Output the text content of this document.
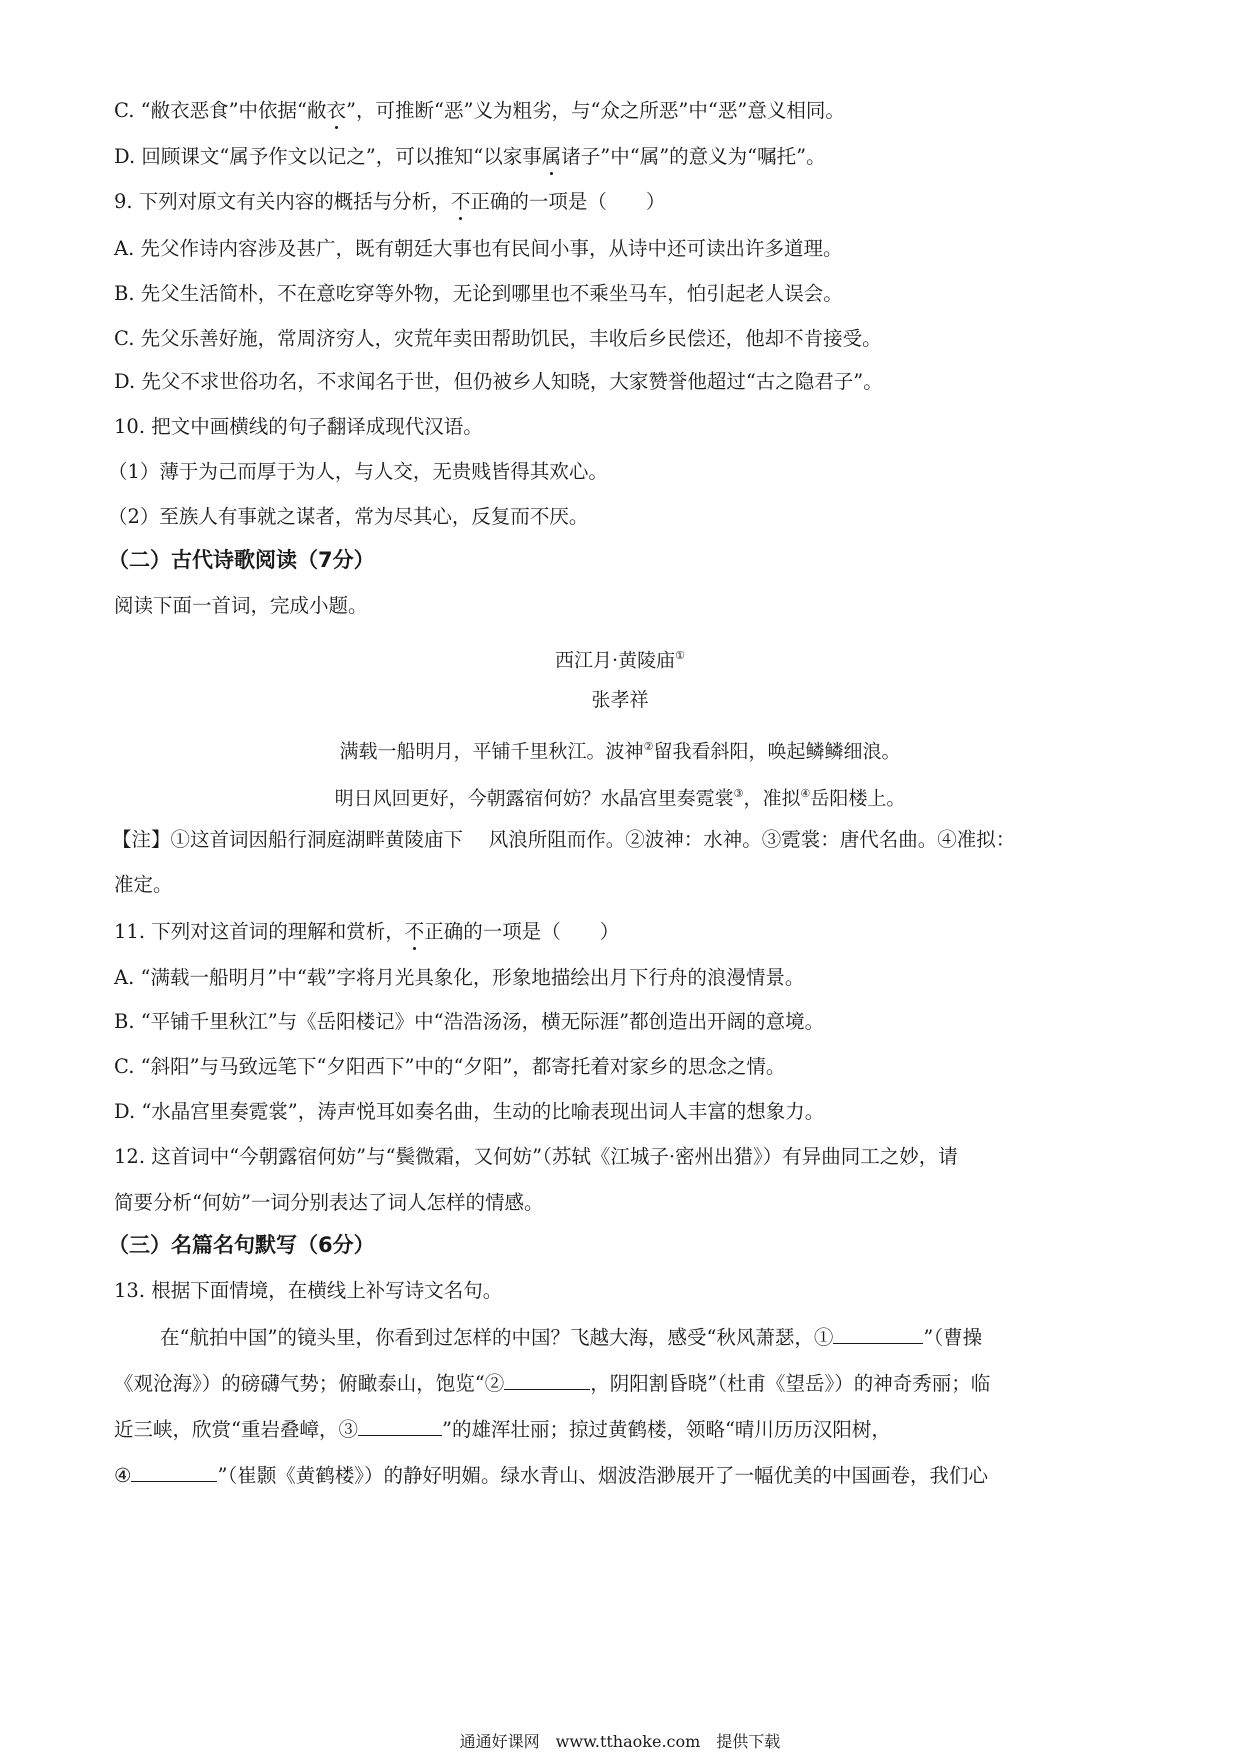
C. “敝衣恶食”中依据“敝衣”，可推断“恶”义为粗劣，与“众之所恶”中“恶”意义相同。
D. 回顾课文“属予作文以记之”，可以推知“以家事属诸子”中“属”的意义为“嘱托”。
9. 下列对原文有关内容的概括与分析，不正确的一项是（　　）
A. 先父作诗内容涉及甚广，既有朝廷大事也有民间小事，从诗中还可读出许多道理。
B. 先父生活简朴，不在意吃穿等外物，无论到哪里也不乘坐马车，怕引起老人误会。
C. 先父乐善好施，常周济穷人，灾荒年卖田帮助饥民，丰收后乡民偿还，他却不肯接受。
D. 先父不求世俗功名，不求闻名于世，但仍被乡人知晓，大家赞誉他超过“古之隐君子”。
10. 把文中画横线的句子翻译成现代汉语。
（1）薄于为己而厚于为人，与人交，无贵贱皆得其欢心。
（2）至族人有事就之谋者，常为尽其心，反复而不厌。
（二）古代诗歌阅读（7分）
阅读下面一首词，完成小题。
西江月·黄陵庙①
张孝祥
满载一船明月，平铺千里秋江。波神②留我看斜阳，唤起鳞鳞细浪。
明日风回更好，今朝露宿何妨？水晶宫里奏霓裳③，准拟④岳阳楼上。
【注】①这首词因船行洞庭湖畔黄陵庙下　 风浪所阻而作。②波神：水神。③霓裳：唐代名曲。④准拟：
准定。
11. 下列对这首词的理解和赏析，不正确的一项是（　　）
A. “满载一船明月”中“载”字将月光具象化，形象地描绘出月下行舟的浪漫情景。
B. “平铺千里秋江”与《岳阳楼记》中“浩浩汤汤，横无际涯”都创造出开阔的意境。
C. “斜阳”与马致远笔下“夕阳西下”中的“夕阳”，都寄托着对家乡的思念之情。
D. “水晶宫里奏霓裳”，涛声悦耳如奏名曲，生动的比喻表现出词人丰富的想象力。
12. 这首词中“今朝露宿何妨”与“鬓微霜，又何妨”（苏轼《江城子·密州出猎》）有异曲同工之妙，请
简要分析“何妨”一词分别表达了词人怎样的情感。
（三）名篇名句默写（6分）
13. 根据下面情境，在横线上补写诗文名句。
在“航拍中国”的镜头里，你看到过怎样的中国？飞越大海，感受“秋风萧瑟，①	”（曹操
《观沧海》）的磅礴气势；俯瞰泰山，饱览“②	，阴阳割昏晓”（杜甫《望岳》）的神奇秀丽；临
近三峡，欣赏“重岩叠嶂，③	”的雄浑壮丽；掠过黄鹤楼，领略“晴川历历汉阳树，
④	”（崔颢《黄鹤楼》）的静好明媚。绿水青山、烟波浩渺展开了一幅优美的中国画卷，我们心
通通好课网　www.tthaoke.com　提供下载
